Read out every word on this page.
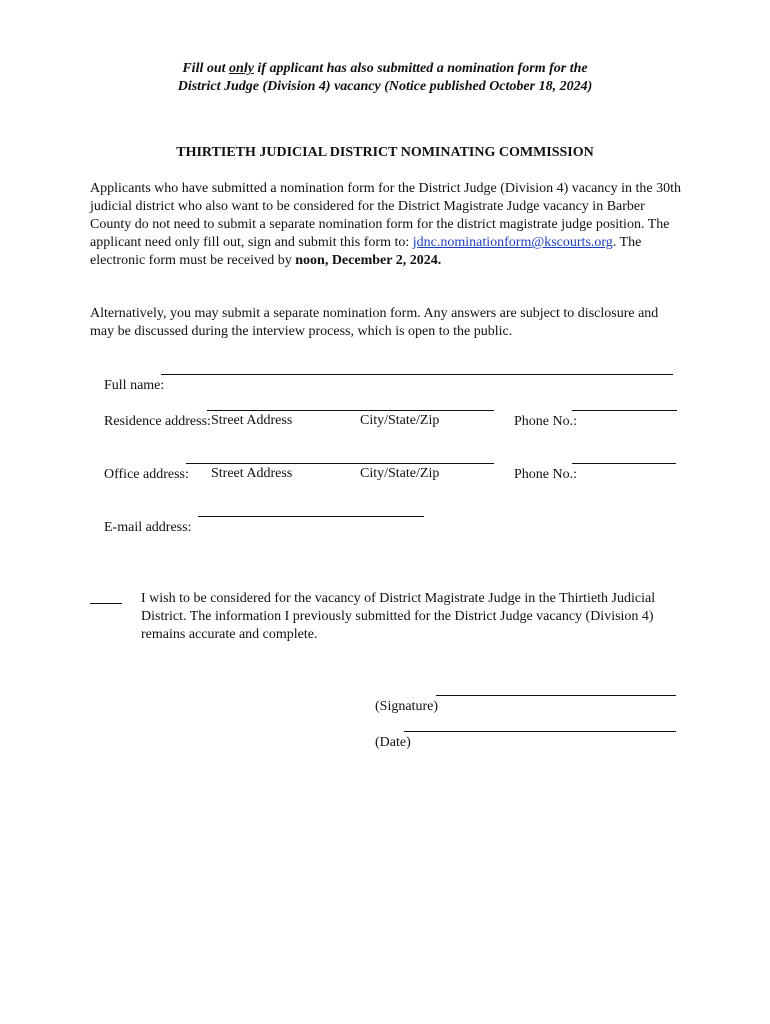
Fill out only if applicant has also submitted a nomination form for the
District Judge (Division 4) vacancy (Notice published October 18, 2024)
THIRTIETH JUDICIAL DISTRICT NOMINATING COMMISSION
Applicants who have submitted a nomination form for the District Judge (Division 4) vacancy in the 30th judicial district who also want to be considered for the District Magistrate Judge vacancy in Barber County do not need to submit a separate nomination form for the district magistrate judge position. The applicant need only fill out, sign and submit this form to: jdnc.nominationform@kscourts.org. The electronic form must be received by noon, December 2, 2024.
Alternatively, you may submit a separate nomination form. Any answers are subject to disclosure and may be discussed during the interview process, which is open to the public.

Full name:

Residence address:
	Phone No.:

Street Address	City/State/Zip

Office address:
	Phone No.:

Street Address	City/State/Zip

E-mail address:

I wish to be considered for the vacancy of District Magistrate Judge in the Thirtieth Judicial District. The information I previously submitted for the District Judge vacancy (Division 4) remains accurate and complete.

(Signature)

(Date)
